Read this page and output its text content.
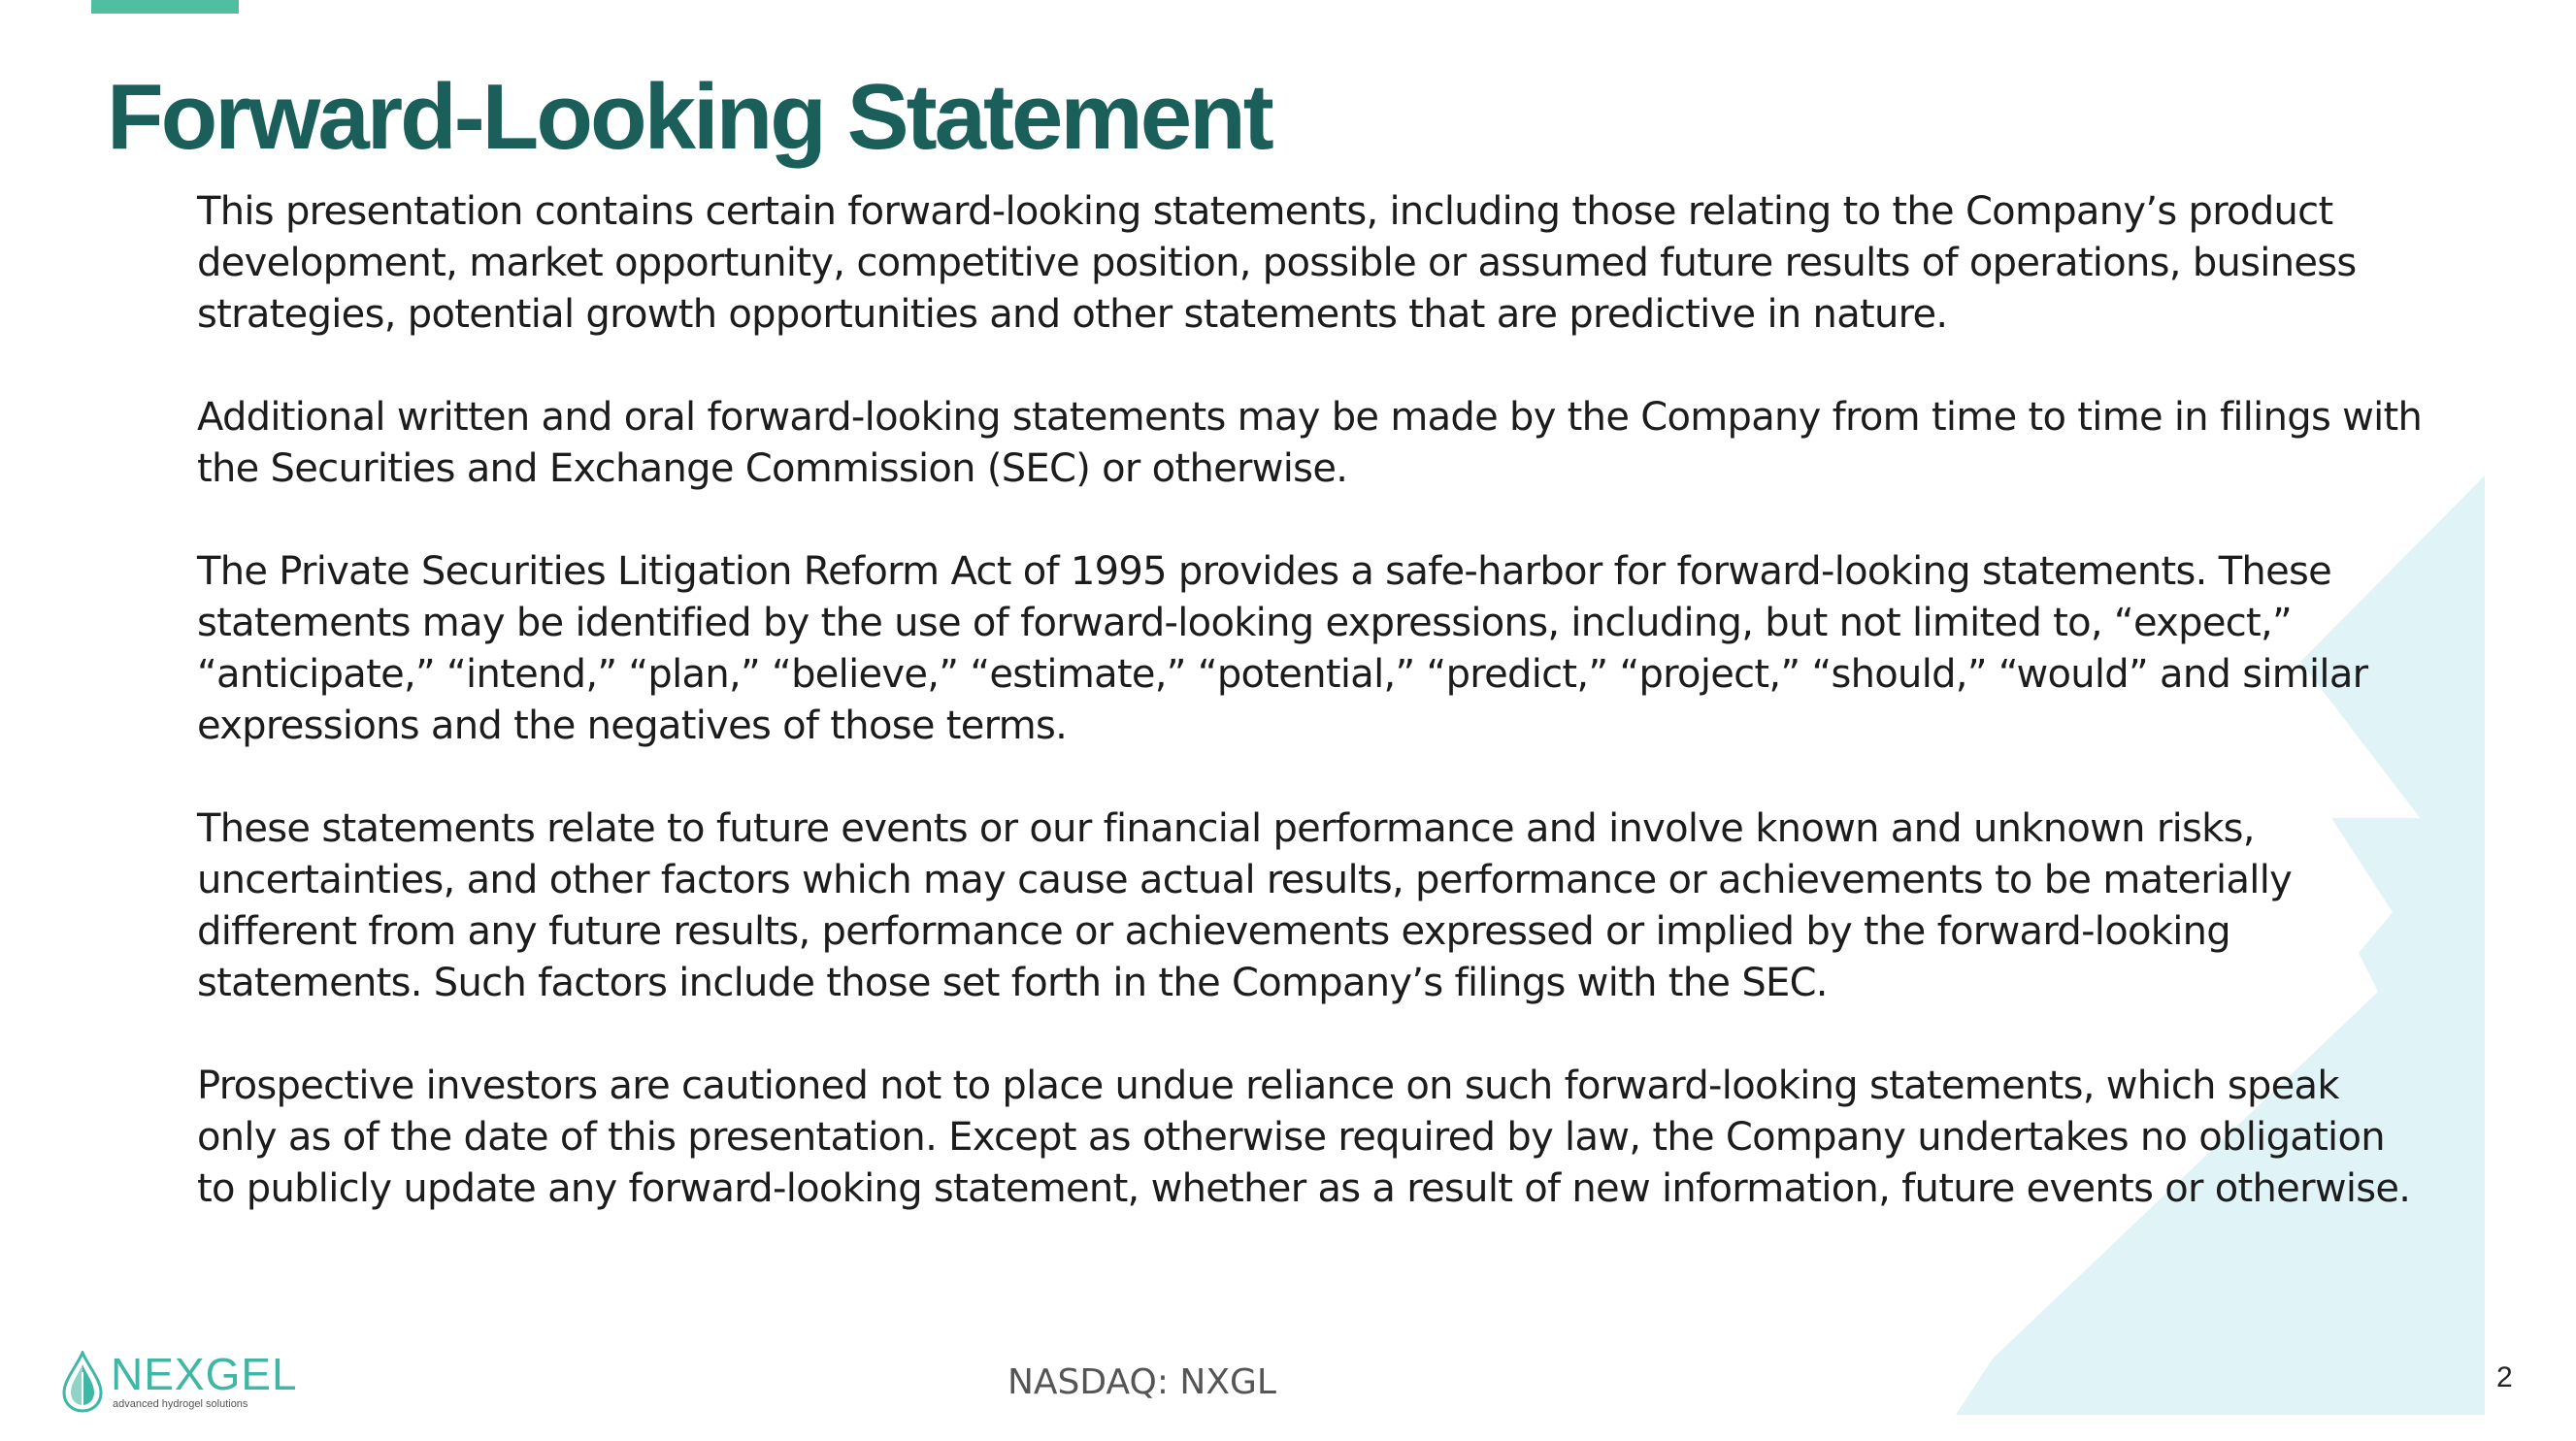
Forward-Looking Statement

This presentation contains certain forward-looking statements, including those relating to the Company’s product development, market opportunity, competitive position, possible or assumed future results of operations, business strategies, potential growth opportunities and other statements that are predictive in nature.

Additional written and oral forward-looking statements may be made by the Company from time to time in filings with the Securities and Exchange Commission (SEC) or otherwise.

The Private Securities Litigation Reform Act of 1995 provides a safe-harbor for forward-looking statements. These statements may be identified by the use of forward-looking expressions, including, but not limited to, “expect,” “anticipate,” “intend,” “plan,” “believe,” “estimate,” “potential,” “predict,” “project,” “should,” “would” and similar expressions and the negatives of those terms.

These statements relate to future events or our financial performance and involve known and unknown risks, uncertainties, and other factors which may cause actual results, performance or achievements to be materially different from any future results, performance or achievements expressed or implied by the forward-looking statements. Such factors include those set forth in the Company’s filings with the SEC.

Prospective investors are cautioned not to place undue reliance on such forward-looking statements, which speak only as of the date of this presentation. Except as otherwise required by law, the Company undertakes no obligation to publicly update any forward-looking statement, whether as a result of new information, future events or otherwise.

NEXGEL
advanced hydrogel solutions
NASDAQ: NXGL	2
